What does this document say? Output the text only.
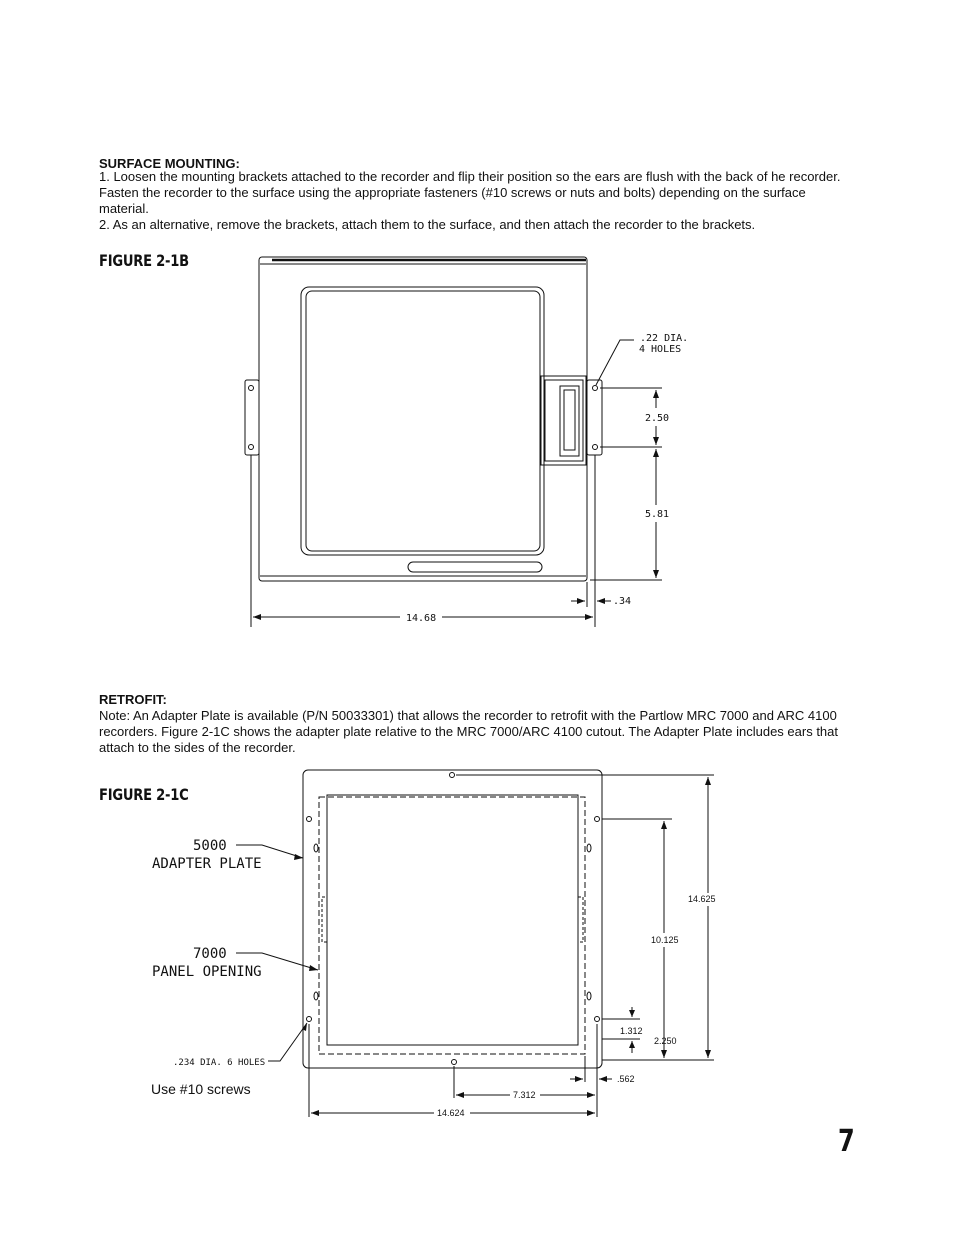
SURFACE MOUNTING:
1. Loosen the mounting brackets attached to the recorder and flip their position so the ears are flush with the back of he recorder. Fasten the recorder to the surface using the appropriate fasteners (#10 screws or nuts and bolts) depending on the surface material.
2. As an alternative, remove the brackets, attach them to the surface, and then attach the recorder to the brackets.
FIGURE 2-1B
.22 DIA.
4 HOLES
2.50
5.81
.34
14.68
RETROFIT:
Note: An Adapter Plate is available (P/N 50033301) that allows the recorder to retrofit with the Partlow MRC 7000 and ARC 4100 recorders. Figure 2-1C shows the adapter plate relative to the MRC 7000/ARC 4100 cutout. The Adapter Plate includes ears that attach to the sides of the recorder.
FIGURE 2-1C
5000
ADAPTER PLATE
7000
PANEL OPENING
.234 DIA. 6 HOLES
14.625
10.125
1.312
2.250
.562
7.312
14.624
Use #10 screws
7
